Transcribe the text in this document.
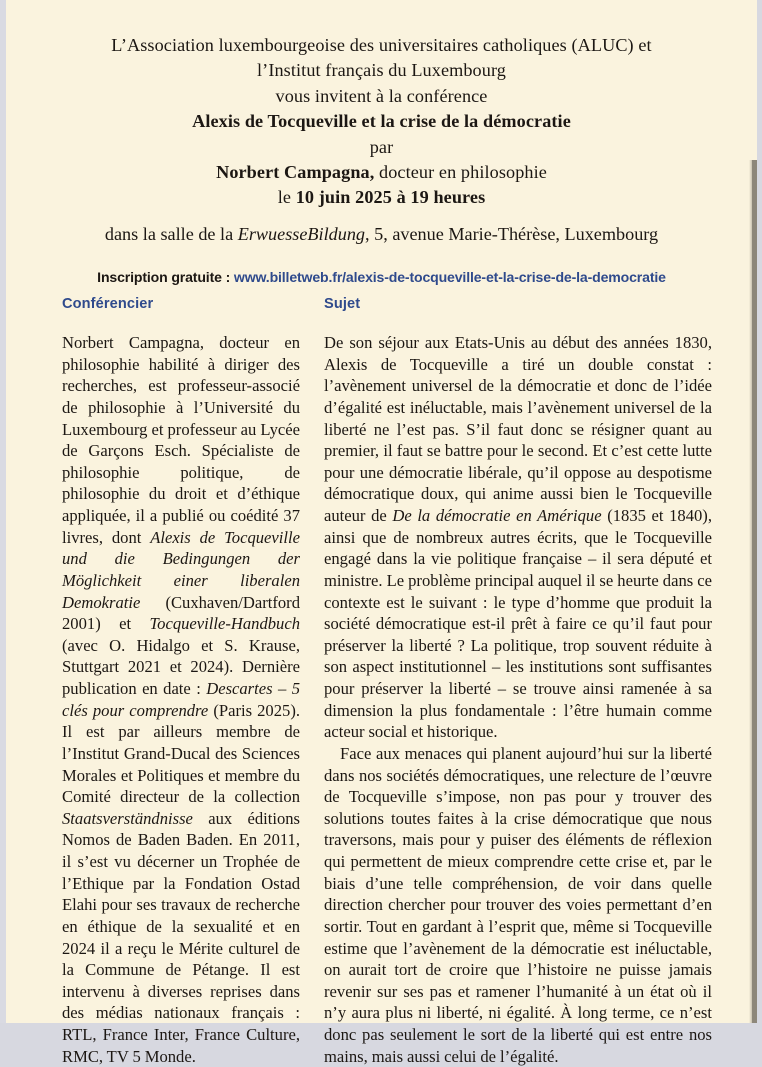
L’Association luxembourgeoise des universitaires catholiques (ALUC) et
l’Institut français du Luxembourg
vous invitent à la conférence
Alexis de Tocqueville et la crise de la démocratie
par
Norbert Campagna, docteur en philosophie
le 10 juin 2025 à 19 heures
dans la salle de la ErwuesseBildung, 5, avenue Marie-Thérèse, Luxembourg
Inscription gratuite : www.billetweb.fr/alexis-de-tocqueville-et-la-crise-de-la-democratie
Conférencier	Sujet

Norbert Campagna, docteur en philosophie habilité à diriger des recherches, est professeur-associé de philosophie à l’Université du Luxembourg et professeur au Lycée de Garçons Esch. Spécialiste de philosophie politique, de philosophie du droit et d’éthique appliquée, il a publié ou coédité 37 livres, dont Alexis de Tocqueville und die Bedingungen der Möglichkeit einer liberalen Demokratie (Cuxhaven/Dartford 2001) et Tocqueville-Handbuch (avec O. Hidalgo et S. Krause, Stuttgart 2021 et 2024). Dernière publication en date : Descartes – 5 clés pour comprendre (Paris 2025). Il est par ailleurs membre de l’Institut Grand-Ducal des Sciences Morales et Politiques et membre du Comité directeur de la collection Staatsverständnisse aux éditions Nomos de Baden Baden. En 2011, il s’est vu décerner un Trophée de l’Ethique par la Fondation Ostad Elahi pour ses travaux de recherche en éthique de la sexualité et en 2024 il a reçu le Mérite culturel de la Commune de Pétange. Il est intervenu à diverses reprises dans des médias nationaux français : RTL, France Inter, France Culture, RMC, TV 5 Monde.

De son séjour aux Etats-Unis au début des années 1830, Alexis de Tocqueville a tiré un double constat : l’avènement universel de la démocratie et donc de l’idée d’égalité est inéluctable, mais l’avènement universel de la liberté ne l’est pas. S’il faut donc se résigner quant au premier, il faut se battre pour le second. Et c’est cette lutte pour une démocratie libérale, qu’il oppose au despotisme démocratique doux, qui anime aussi bien le Tocqueville auteur de De la démocratie en Amérique (1835 et 1840), ainsi que de nombreux autres écrits, que le Tocqueville engagé dans la vie politique française – il sera député et ministre. Le problème principal auquel il se heurte dans ce contexte est le suivant : le type d’homme que produit la société démocratique est-il prêt à faire ce qu’il faut pour préserver la liberté ? La politique, trop souvent réduite à son aspect institutionnel – les institutions sont suffisantes pour préserver la liberté – se trouve ainsi ramenée à sa dimension la plus fondamentale : l’être humain comme acteur social et historique.

Face aux menaces qui planent aujourd’hui sur la liberté dans nos sociétés démocratiques, une relecture de l’œuvre de Tocqueville s’impose, non pas pour y trouver des solutions toutes faites à la crise démocratique que nous traversons, mais pour y puiser des éléments de réflexion qui permettent de mieux comprendre cette crise et, par le biais d’une telle compréhension, de voir dans quelle direction chercher pour trouver des voies permettant d’en sortir. Tout en gardant à l’esprit que, même si Tocqueville estime que l’avènement de la démocratie est inéluctable, on aurait tort de croire que l’histoire ne puisse jamais revenir sur ses pas et ramener l’humanité à un état où il n’y aura plus ni liberté, ni égalité. À long terme, ce n’est donc pas seulement le sort de la liberté qui est entre nos mains, mais aussi celui de l’égalité.
